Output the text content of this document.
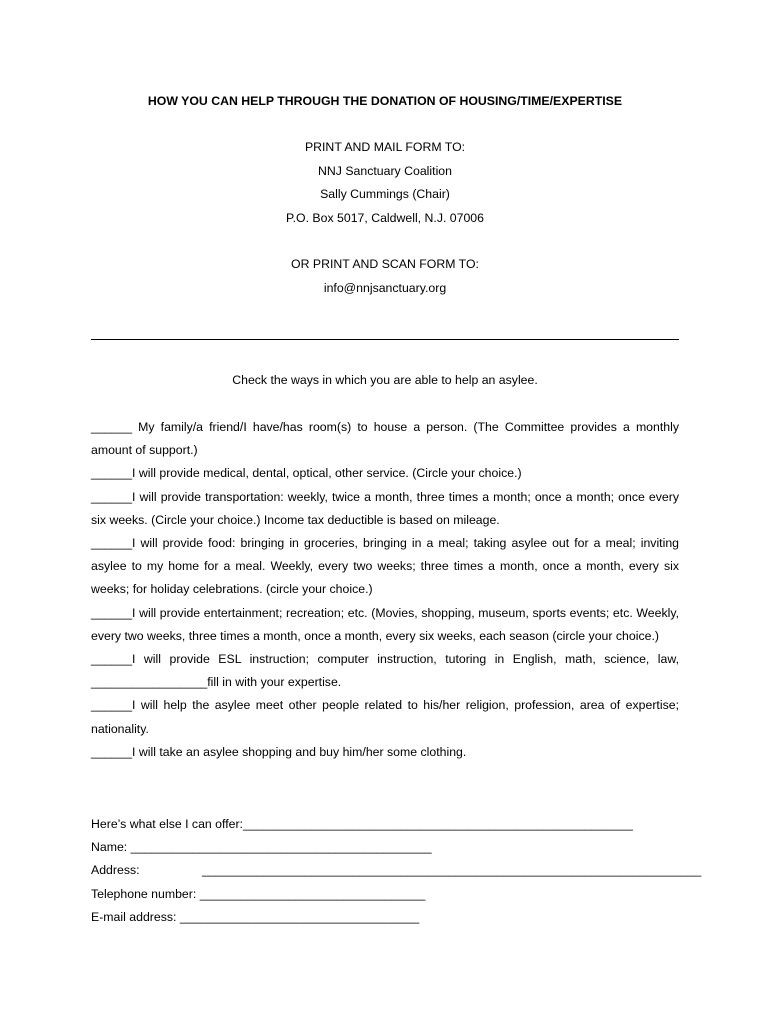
HOW YOU CAN HELP THROUGH THE DONATION OF HOUSING/TIME/EXPERTISE
PRINT AND MAIL FORM TO:
NNJ Sanctuary Coalition
Sally Cummings (Chair)
P.O. Box 5017, Caldwell, N.J. 07006
OR PRINT AND SCAN FORM TO:
info@nnjsanctuary.org
Check the ways in which you are able to help an asylee.
______ My family/a friend/I have/has room(s) to house a person. (The Committee provides a monthly amount of support.)
______I will provide medical, dental, optical, other service. (Circle your choice.)
______I will provide transportation: weekly, twice a month, three times a month; once a month; once every six weeks. (Circle your choice.) Income tax deductible is based on mileage.
______I will provide food: bringing in groceries, bringing in a meal; taking asylee out for a meal; inviting asylee to my home for a meal. Weekly, every two weeks; three times a month, once a month, every six weeks; for holiday celebrations. (circle your choice.)
______I will provide entertainment; recreation; etc. (Movies, shopping, museum, sports events; etc. Weekly, every two weeks, three times a month, once a month, every six weeks, each season (circle your choice.)
______I will provide ESL instruction; computer instruction, tutoring in English, math, science, law, _________________fill in with your expertise.
______I will help the asylee meet other people related to his/her religion, profession, area of expertise; nationality.
______I will take an asylee shopping and buy him/her some clothing.
Here’s what else I can offer:_________________________________________________________
Name: ____________________________________________
Address:	_________________________________________________________________________
Telephone number: _________________________________
E-mail address: ___________________________________
